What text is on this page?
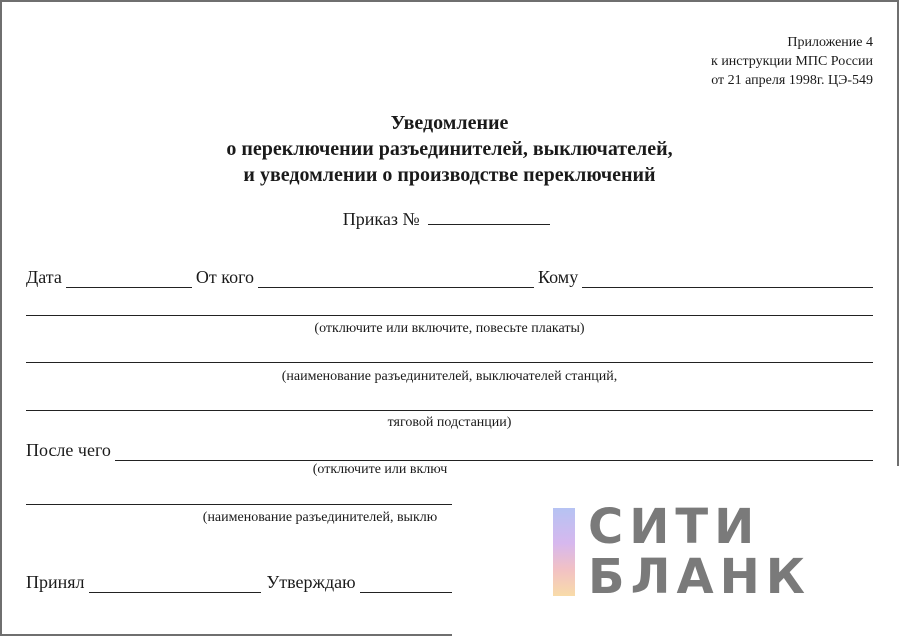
Приложение 4
к инструкции МПС России
от 21 апреля 1998г. ЦЭ-549
Уведомление
о переключении разъединителей, выключателей,
и уведомлении о производстве переключений
Приказ №
Дата	От кого	Кому
(отключите или включите, повесьте плакаты)
(наименование разъединителей, выключателей станций,
тяговой подстанции)
После чего
(отключите или включ
(наименование разъединителей, выклю
Принял	Утверждаю
СИТИ
БЛАНК
